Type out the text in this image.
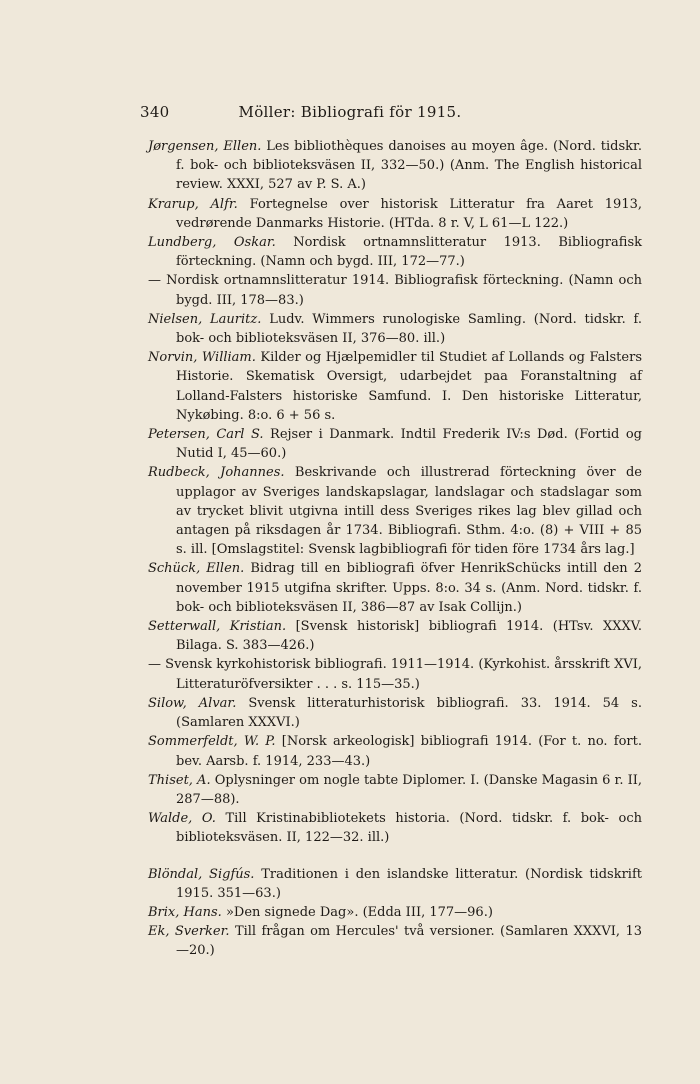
340	Möller: Bibliografi för 1915.

Jørgensen, Ellen. Les bibliothèques danoises au moyen âge. (Nord. tidskr. f. bok- och biblioteksväsen II, 332—50.) (Anm. The English historical review. XXXI, 527 av P. S. A.)

Krarup, Alfr. Fortegnelse over historisk Litteratur fra Aaret 1913, vedrørende Danmarks Historie. (HTda. 8 r. V, L 61—L 122.)

Lundberg, Oskar. Nordisk ortnamnslitteratur 1913. Bibliografisk förteckning. (Namn och bygd. III, 172—77.)

— Nordisk ortnamnslitteratur 1914. Bibliografisk förteckning. (Namn och bygd. III, 178—83.)

Nielsen, Lauritz. Ludv. Wimmers runologiske Samling. (Nord. tidskr. f. bok- och biblioteksväsen II, 376—80. ill.)

Norvin, William. Kilder og Hjælpemidler til Studiet af Lollands og Falsters Historie. Skematisk Oversigt, udarbejdet paa Foranstaltning af Lolland-Falsters historiske Samfund. I. Den historiske Litteratur, Nykøbing. 8:o. 6 + 56 s.

Petersen, Carl S. Rejser i Danmark. Indtil Frederik IV:s Død. (Fortid og Nutid I, 45—60.)

Rudbeck, Johannes. Beskrivande och illustrerad förteckning över de upplagor av Sveriges landskapslagar, landslagar och stadslagar som av trycket blivit utgivna intill dess Sveriges rikes lag blev gillad och antagen på riksdagen år 1734. Bibliografi. Sthm. 4:o. (8) + VIII + 85 s. ill. [Omslagstitel: Svensk lagbibliografi för tiden före 1734 års lag.]

Schück, Ellen. Bidrag till en bibliografi öfver HenrikSchücks intill den 2 november 1915 utgifna skrifter. Upps. 8:o. 34 s. (Anm. Nord. tidskr. f. bok- och biblioteksväsen II, 386—87 av Isak Collijn.)

Setterwall, Kristian. [Svensk historisk] bibliografi 1914. (HTsv. XXXV. Bilaga. S. 383—426.)

— Svensk kyrkohistorisk bibliografi. 1911—1914. (Kyrkohist. årsskrift XVI, Litteraturöfversikter . . . s. 115—35.)

Silow, Alvar. Svensk litteraturhistorisk bibliografi. 33. 1914. 54 s. (Samlaren XXXVI.)

Sommerfeldt, W. P. [Norsk arkeologisk] bibliografi 1914. (For t. no. fort. bev. Aarsb. f. 1914, 233—43.)

Thiset, A. Oplysninger om nogle tabte Diplomer. I. (Danske Magasin 6 r. II, 287—88).

Walde, O. Till Kristinabibliotekets historia. (Nord. tidskr. f. bok- och biblioteksväsen. II, 122—32. ill.)

Blöndal, Sigfús. Traditionen i den islandske litteratur. (Nordisk tidskrift 1915. 351—63.)

Brix, Hans. »Den signede Dag». (Edda III, 177—96.)

Ek, Sverker. Till frågan om Hercules' två versioner. (Samlaren XXXVI, 13—20.)
